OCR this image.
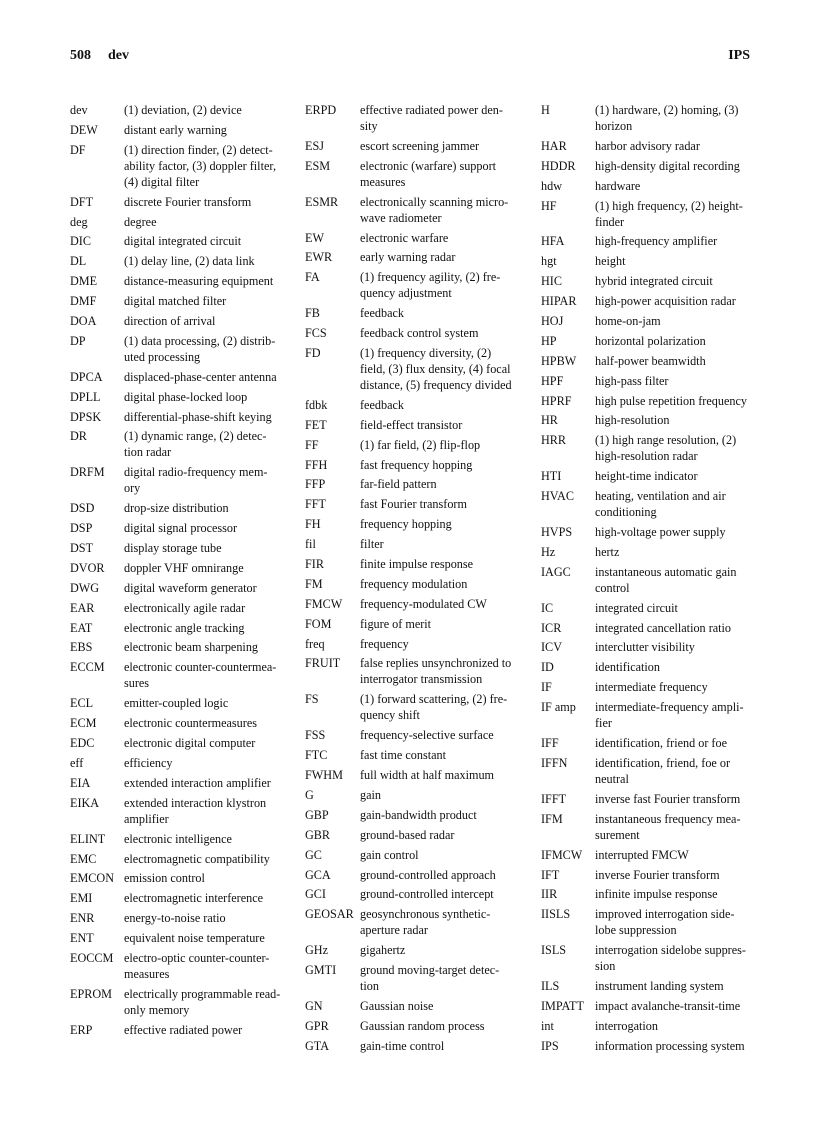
508 dev	IPS
dev	(1) deviation, (2) device
DEW	distant early warning
DF	(1) direction finder, (2) detect-ability factor, (3) doppler filter, (4) digital filter
DFT	discrete Fourier transform
deg	degree
DIC	digital integrated circuit
DL	(1) delay line, (2) data link
DME	distance-measuring equipment
DMF	digital matched filter
DOA	direction of arrival
DP	(1) data processing, (2) distrib-uted processing
DPCA	displaced-phase-center antenna
DPLL	digital phase-locked loop
DPSK	differential-phase-shift keying
DR	(1) dynamic range, (2) detec-tion radar
DRFM	digital radio-frequency mem-ory
DSD	drop-size distribution
DSP	digital signal processor
DST	display storage tube
DVOR	doppler VHF omnirange
DWG	digital waveform generator
EAR	electronically agile radar
EAT	electronic angle tracking
EBS	electronic beam sharpening
ECCM	electronic counter-countermea-sures
ECL	emitter-coupled logic
ECM	electronic countermeasures
EDC	electronic digital computer
eff	efficiency
EIA	extended interaction amplifier
EIKA	extended interaction klystron amplifier
ELINT	electronic intelligence
EMC	electromagnetic compatibility
EMCON emission control
EMI	electromagnetic interference
ENR	energy-to-noise ratio
ENT	equivalent noise temperature
EOCCM electro-optic counter-counter-measures
EPROM electrically programmable read-only memory
ERP	effective radiated power
ERPD	effective radiated power den-sity
ESJ	escort screening jammer
ESM	electronic (warfare) support measures
ESMR	electronically scanning micro-wave radiometer
EW	electronic warfare
EWR	early warning radar
FA	(1) frequency agility, (2) fre-quency adjustment
FB	feedback
FCS	feedback control system
FD	(1) frequency diversity, (2) field, (3) flux density, (4) focal distance, (5) frequency divided
fdbk	feedback
FET	field-effect transistor
FF	(1) far field, (2) flip-flop
FFH	fast frequency hopping
FFP	far-field pattern
FFT	fast Fourier transform
FH	frequency hopping
fil	filter
FIR	finite impulse response
FM	frequency modulation
FMCW	frequency-modulated CW
FOM	figure of merit
freq	frequency
FRUIT	false replies unsynchronized to interrogator transmission
FS	(1) forward scattering, (2) fre-quency shift
FSS	frequency-selective surface
FTC	fast time constant
FWHM	full width at half maximum
G	gain
GBP	gain-bandwidth product
GBR	ground-based radar
GC	gain control
GCA	ground-controlled approach
GCI	ground-controlled intercept
GEOSAR geosynchronous synthetic-aperture radar
GHz	gigahertz
GMTI	ground moving-target detec-tion
GN	Gaussian noise
GPR	Gaussian random process
GTA	gain-time control
H	(1) hardware, (2) homing, (3) horizon
HAR	harbor advisory radar
HDDR	high-density digital recording
hdw	hardware
HF	(1) high frequency, (2) height-finder
HFA	high-frequency amplifier
hgt	height
HIC	hybrid integrated circuit
HIPAR	high-power acquisition radar
HOJ	home-on-jam
HP	horizontal polarization
HPBW	half-power beamwidth
HPF	high-pass filter
HPRF	high pulse repetition frequency
HR	high-resolution
HRR	(1) high range resolution, (2) high-resolution radar
HTI	height-time indicator
HVAC	heating, ventilation and air conditioning
HVPS	high-voltage power supply
Hz	hertz
IAGC	instantaneous automatic gain control
IC	integrated circuit
ICR	integrated cancellation ratio
ICV	interclutter visibility
ID	identification
IF	intermediate frequency
IF amp	intermediate-frequency ampli-fier
IFF	identification, friend or foe
IFFN	identification, friend, foe or neutral
IFFT	inverse fast Fourier transform
IFM	instantaneous frequency mea-surement
IFMCW	interrupted FMCW
IFT	inverse Fourier transform
IIR	infinite impulse response
IISLS	improved interrogation side-lobe suppression
ISLS	interrogation sidelobe suppres-sion
ILS	instrument landing system
IMPATT impact avalanche-transit-time
int	interrogation
IPS	information processing system
